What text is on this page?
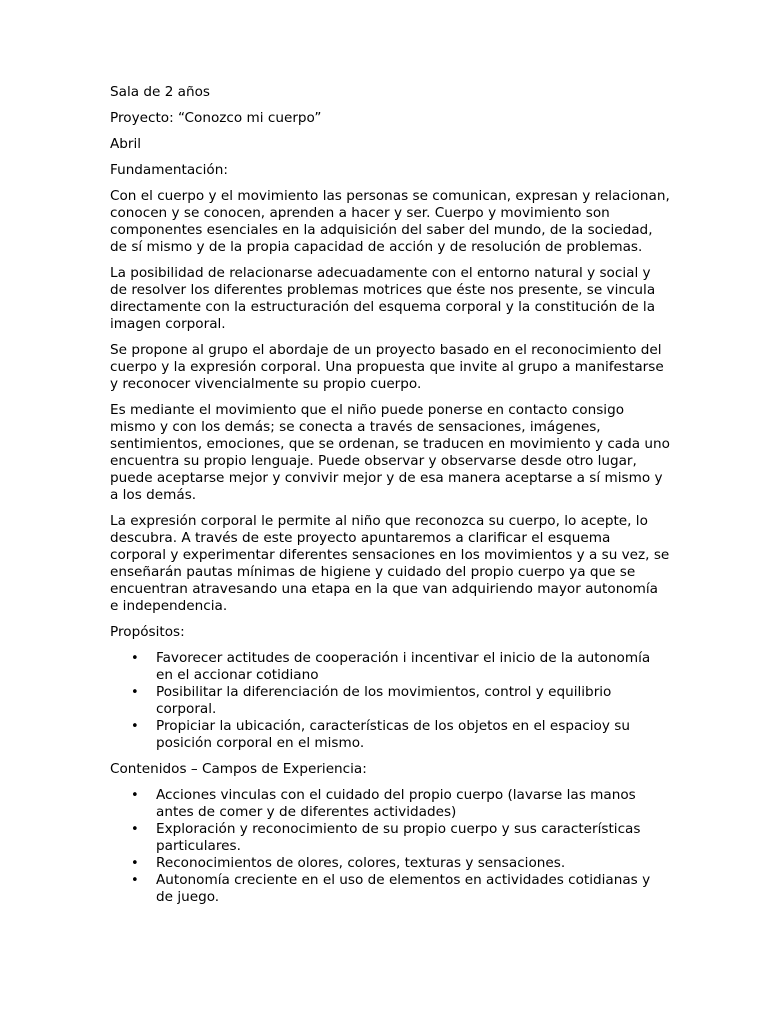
Sala de 2 años

Proyecto: “Conozco mi cuerpo”

Abril

Fundamentación:

Con el cuerpo y el movimiento las personas se comunican, expresan y relacionan, conocen y se conocen, aprenden a hacer y ser. Cuerpo y movimiento son componentes esenciales en la adquisición del saber del mundo, de la sociedad, de sí mismo y de la propia capacidad de acción y de resolución de problemas.

La posibilidad de relacionarse adecuadamente con el entorno natural y social y de resolver los diferentes problemas motrices que éste nos presente, se vincula directamente con la estructuración del esquema corporal y la constitución de la imagen corporal.

Se propone al grupo el abordaje de un proyecto basado en el reconocimiento del cuerpo y la expresión corporal. Una propuesta que invite al grupo a manifestarse y reconocer vivencialmente su propio cuerpo.

Es mediante el movimiento que el niño puede ponerse en contacto consigo mismo y con los demás; se conecta a través de sensaciones, imágenes, sentimientos, emociones, que se ordenan, se traducen en movimiento y cada uno encuentra su propio lenguaje. Puede observar y observarse desde otro lugar, puede aceptarse mejor y convivir mejor y de esa manera aceptarse a sí mismo y a los demás.

La expresión corporal le permite al niño que reconozca su cuerpo, lo acepte, lo descubra. A través de este proyecto apuntaremos a clarificar el esquema corporal y experimentar diferentes sensaciones en los movimientos y a su vez, se enseñarán pautas mínimas de higiene y cuidado del propio cuerpo ya que se encuentran atravesando una etapa en la que van adquiriendo mayor autonomía e independencia.

Propósitos:

• Favorecer actitudes de cooperación i incentivar el inicio de la autonomía en el accionar cotidiano
• Posibilitar la diferenciación de los movimientos, control y equilibrio corporal.
• Propiciar la ubicación, características de los objetos en el espacioy su posición corporal en el mismo.

Contenidos – Campos de Experiencia:

• Acciones vinculas con el cuidado del propio cuerpo (lavarse las manos antes de comer y de diferentes actividades)
• Exploración y reconocimiento de su propio cuerpo y sus características particulares.
• Reconocimientos de olores, colores, texturas y sensaciones.
• Autonomía creciente en el uso de elementos en actividades cotidianas y de juego.
